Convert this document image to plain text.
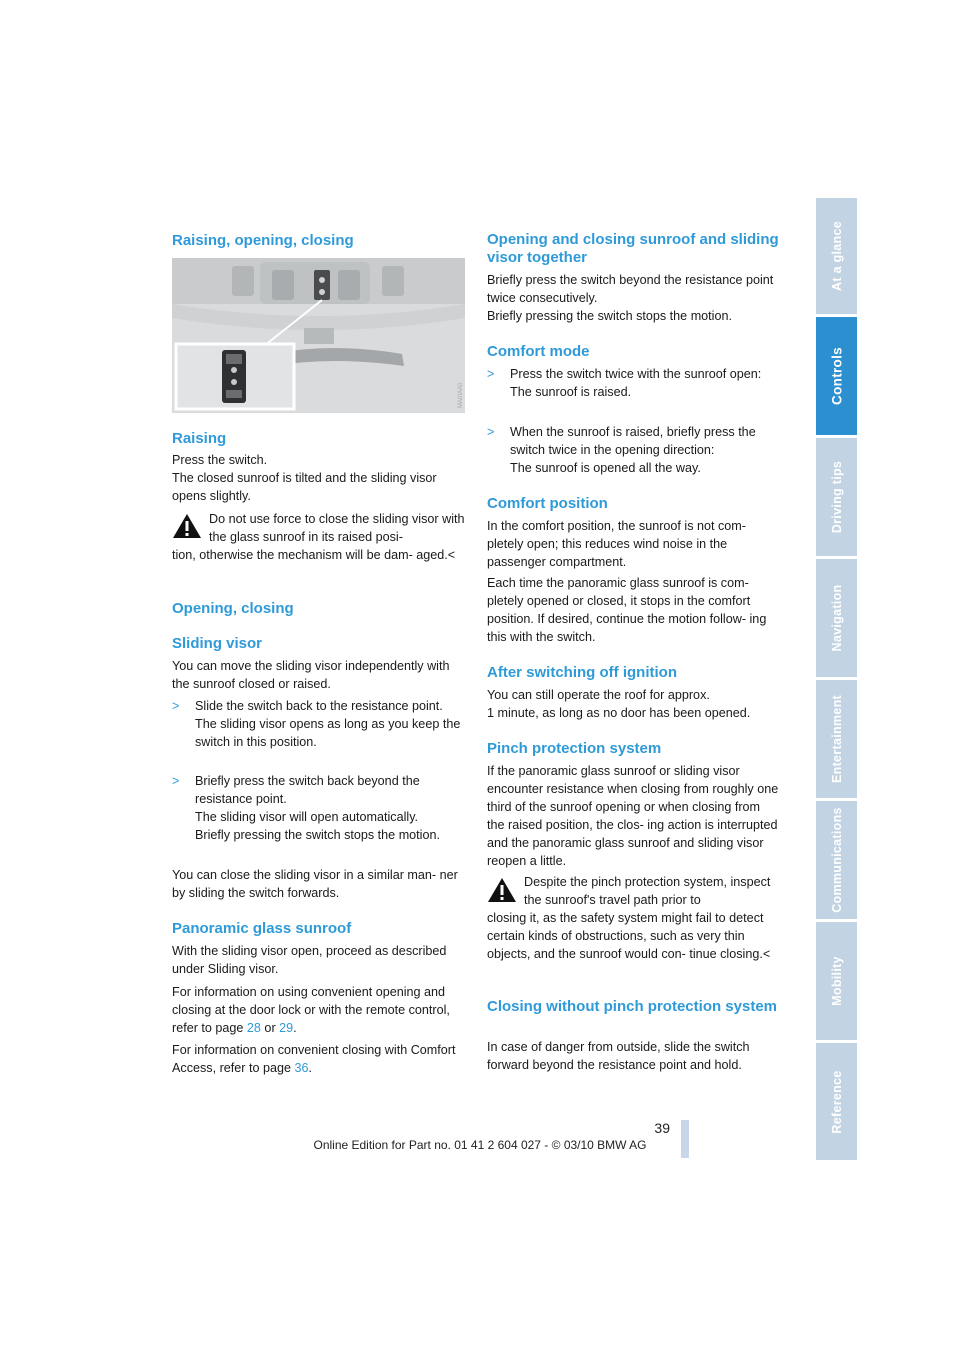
Raising, opening, closing
MA0IAA0
Raising

Press the switch.

The closed sunroof is tilted and the sliding visor opens slightly.

Do not use force to close the sliding visor with the glass sunroof in its raised posi-
tion, otherwise the mechanism will be dam- aged.<
Opening, closing
Sliding visor

You can move the sliding visor independently with the sunroof closed or raised.

> Slide the switch back to the resistance point.
The sliding visor opens as long as you keep the switch in this position.
> Briefly press the switch back beyond the resistance point.
The sliding visor will open automatically.
Briefly pressing the switch stops the motion.

You can close the sliding visor in a similar man- ner by sliding the switch forwards.

Panoramic glass sunroof

With the sliding visor open, proceed as described under Sliding visor.

For information on using convenient opening and closing at the door lock or with the remote control, refer to page 28 or 29.

For information on convenient closing with Comfort Access, refer to page 36.

Opening and closing sunroof and sliding visor together

Briefly press the switch beyond the resistance point twice consecutively.

Briefly pressing the switch stops the motion.

Comfort mode
> Press the switch twice with the sunroof open:
The sunroof is raised.
> When the sunroof is raised, briefly press the switch twice in the opening direction:
The sunroof is opened all the way.
Comfort position

In the comfort position, the sunroof is not com- pletely open; this reduces wind noise in the passenger compartment.

Each time the panoramic glass sunroof is com- pletely opened or closed, it stops in the comfort position. If desired, continue the motion follow- ing this with the switch.

After switching off ignition

You can still operate the roof for approx.
1 minute, as long as no door has been opened.

Pinch protection system

If the panoramic glass sunroof or sliding visor encounter resistance when closing from roughly one third of the sunroof opening or when closing from the raised position, the clos- ing action is interrupted and the panoramic glass sunroof and sliding visor reopen a little.

Despite the pinch protection system, inspect the sunroof's travel path prior to
closing it, as the safety system might fail to detect certain kinds of obstructions, such as very thin objects, and the sunroof would con- tinue closing.<
Closing without pinch protection system

In case of danger from outside, slide the switch forward beyond the resistance point and hold.

At a glance
Controls
Driving tips
Navigation
Entertainment
Communications
Mobility
Reference
39
Online Edition for Part no. 01 41 2 604 027 - © 03/10 BMW AG
